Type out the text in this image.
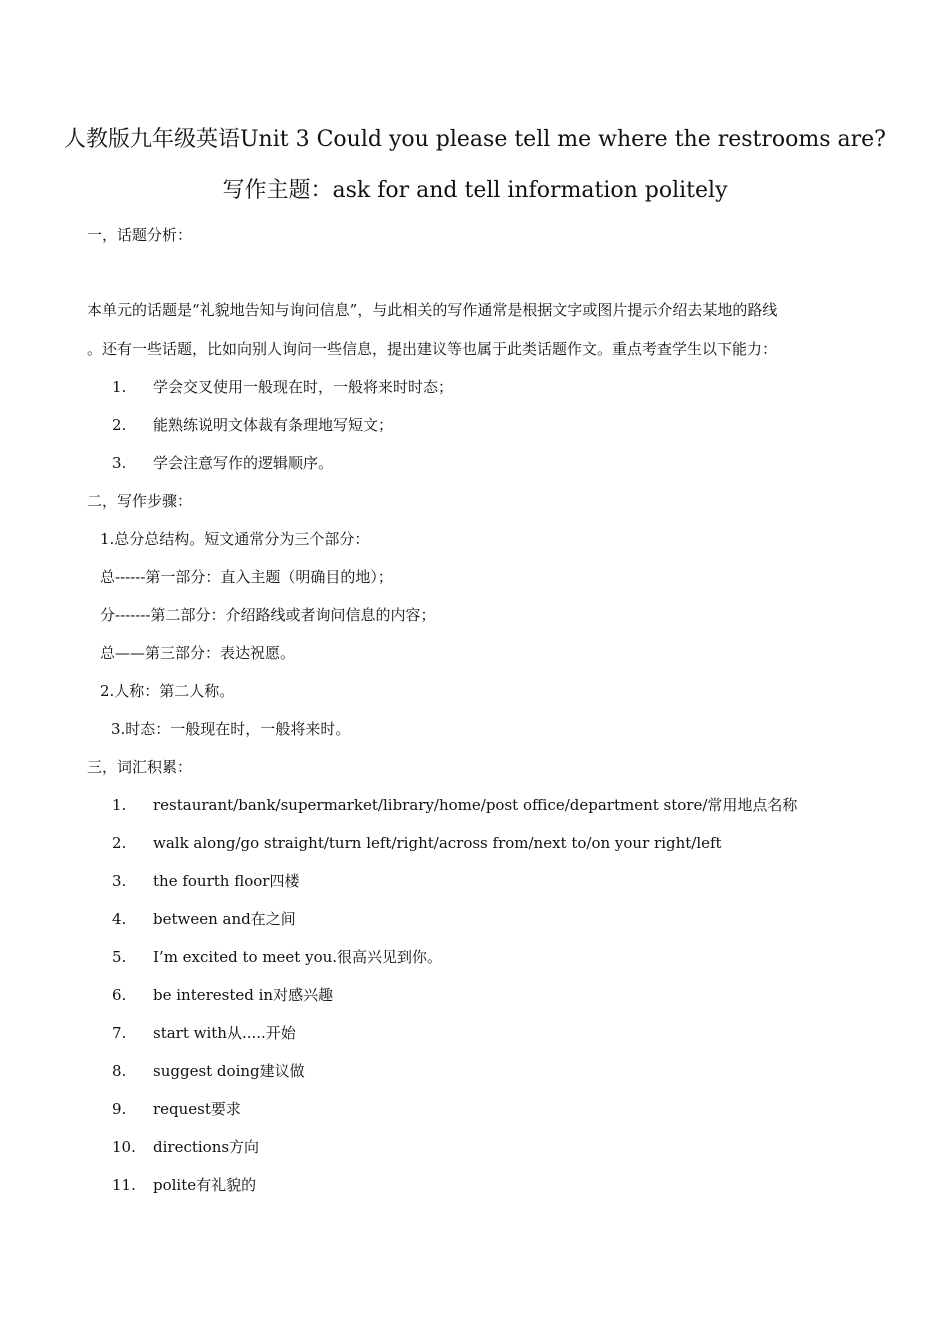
人教版九年级英语Unit 3 Could you please tell me where the restrooms are?
写作主题：ask for and tell information politely
一，话题分析：
本单元的话题是“礼貌地告知与询问信息”，与此相关的写作通常是根据文字或图片提示介绍去某地的路线
。还有一些话题，比如向别人询问一些信息，提出建议等也属于此类话题作文。重点考查学生以下能力：
1.	学会交叉使用一般现在时，一般将来时时态；
2.	能熟练说明文体裁有条理地写短文；
3.	学会注意写作的逻辑顺序。
二，写作步骤：
1.总分总结构。短文通常分为三个部分：
总------第一部分：直入主题（明确目的地）；
分-------第二部分：介绍路线或者询问信息的内容；
总——第三部分：表达祝愿。
2.人称：第二人称。
3.时态：一般现在时，一般将来时。
三，词汇积累：
1.	restaurant/bank/supermarket/library/home/post office/department store/常用地点名称
2.	walk along/go straight/turn left/right/across from/next to/on your right/left
3.	the fourth floor四楼
4.	between and在之间
5.	I’m excited to meet you.很高兴见到你。
6.	be interested in对感兴趣
7.	start with从.....开始
8.	suggest doing建议做
9.	request要求
10.	directions方向
11.	polite有礼貌的
